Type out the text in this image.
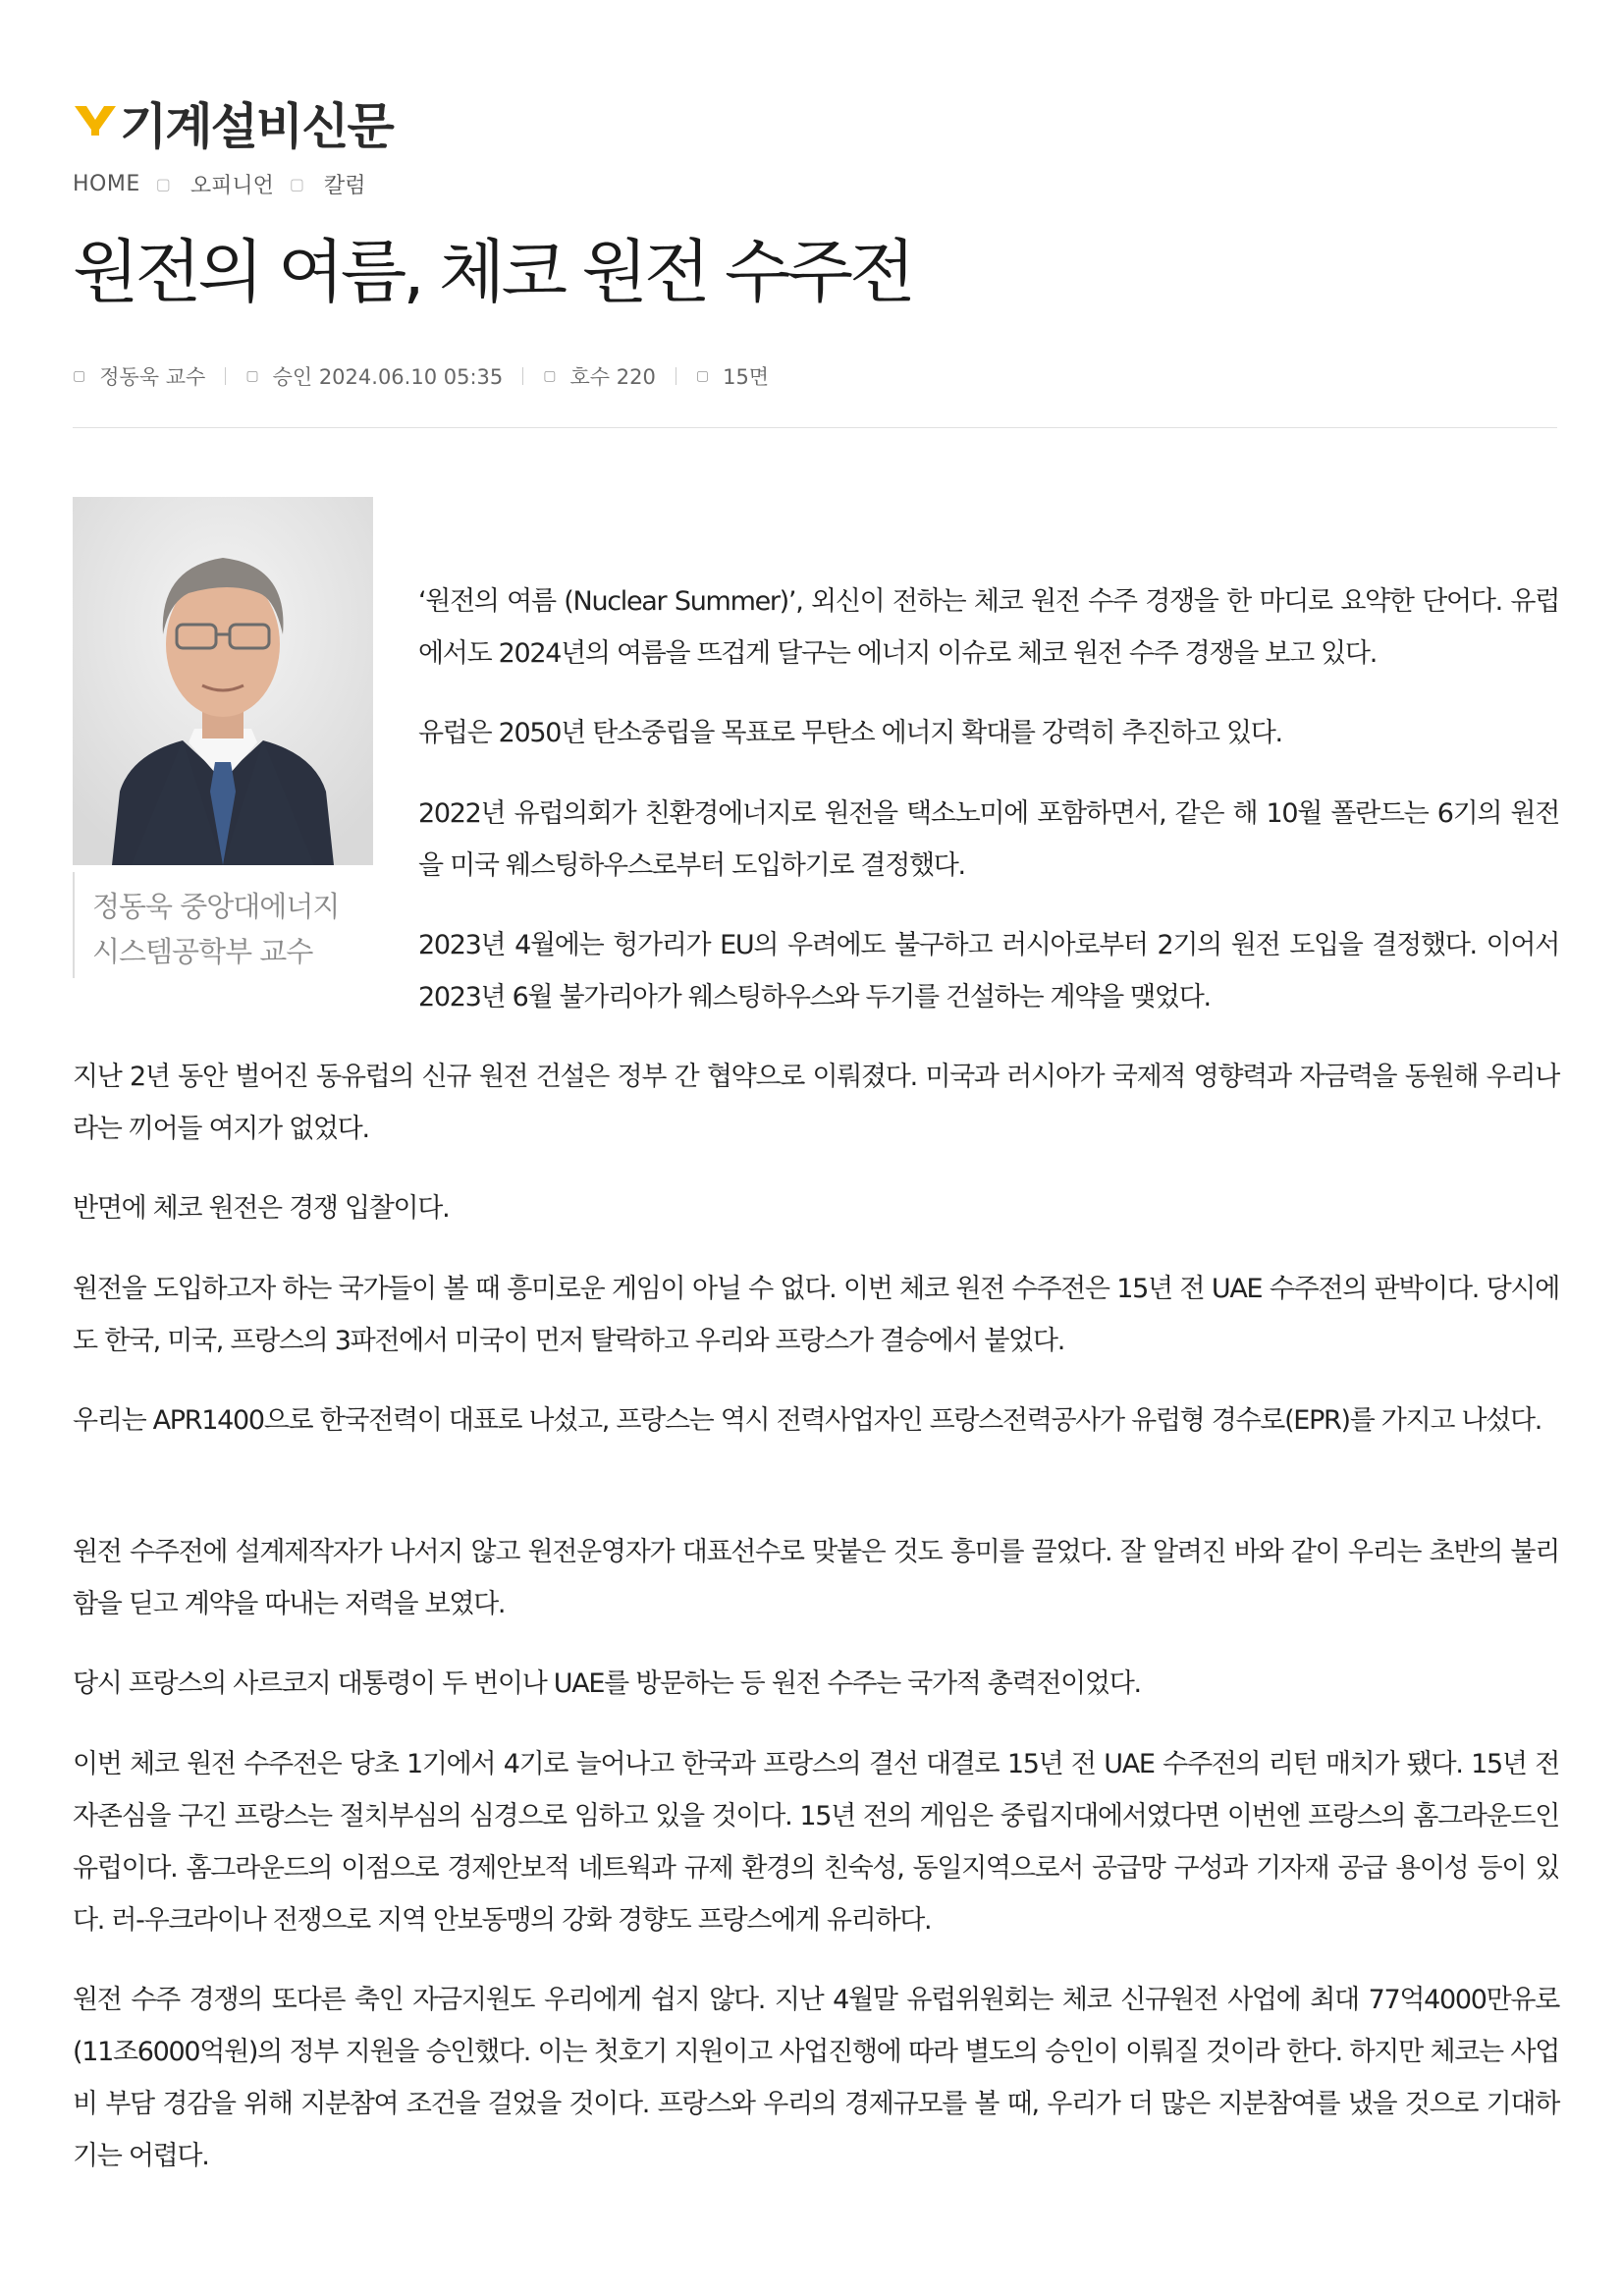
기계설비신문
HOME ▢ 오피니언 ▢ 칼럼
원전의 여름, 체코 원전 수주전
▢ 정동욱 교수	▢ 승인 2024.06.10 05:35	▢ 호수 220	▢ 15면
정동욱 중앙대에너지
시스템공학부 교수

‘원전의 여름 (Nuclear Summer)’, 외신이 전하는 체코 원전 수주 경쟁을 한 마디로 요약한 단어다. 유럽에서도 2024년의 여름을 뜨겁게 달구는 에너지 이슈로 체코 원전 수주 경쟁을 보고 있다.

유럽은 2050년 탄소중립을 목표로 무탄소 에너지 확대를 강력히 추진하고 있다.

2022년 유럽의회가 친환경에너지로 원전을 택소노미에 포함하면서, 같은 해 10월 폴란드는 6기의 원전을 미국 웨스팅하우스로부터 도입하기로 결정했다.

2023년 4월에는 헝가리가 EU의 우려에도 불구하고 러시아로부터 2기의 원전 도입을 결정했다. 이어서 2023년 6월 불가리아가 웨스팅하우스와 두기를 건설하는 계약을 맺었다.

지난 2년 동안 벌어진 동유럽의 신규 원전 건설은 정부 간 협약으로 이뤄졌다. 미국과 러시아가 국제적 영향력과 자금력을 동원해 우리나라는 끼어들 여지가 없었다.

반면에 체코 원전은 경쟁 입찰이다.

원전을 도입하고자 하는 국가들이 볼 때 흥미로운 게임이 아닐 수 없다. 이번 체코 원전 수주전은 15년 전 UAE 수주전의 판박이다. 당시에도 한국, 미국, 프랑스의 3파전에서 미국이 먼저 탈락하고 우리와 프랑스가 결승에서 붙었다.

우리는 APR1400으로 한국전력이 대표로 나섰고, 프랑스는 역시 전력사업자인 프랑스전력공사가 유럽형 경수로(EPR)를 가지고 나섰다.

원전 수주전에 설계제작자가 나서지 않고 원전운영자가 대표선수로 맞붙은 것도 흥미를 끌었다. 잘 알려진 바와 같이 우리는 초반의 불리함을 딛고 계약을 따내는 저력을 보였다.

당시 프랑스의 사르코지 대통령이 두 번이나 UAE를 방문하는 등 원전 수주는 국가적 총력전이었다.

이번 체코 원전 수주전은 당초 1기에서 4기로 늘어나고 한국과 프랑스의 결선 대결로 15년 전 UAE 수주전의 리턴 매치가 됐다. 15년 전 자존심을 구긴 프랑스는 절치부심의 심경으로 임하고 있을 것이다. 15년 전의 게임은 중립지대에서였다면 이번엔 프랑스의 홈그라운드인 유럽이다. 홈그라운드의 이점으로 경제안보적 네트웍과 규제 환경의 친숙성, 동일지역으로서 공급망 구성과 기자재 공급 용이성 등이 있다. 러-우크라이나 전쟁으로 지역 안보동맹의 강화 경향도 프랑스에게 유리하다.

원전 수주 경쟁의 또다른 축인 자금지원도 우리에게 쉽지 않다. 지난 4월말 유럽위원회는 체코 신규원전 사업에 최대 77억4000만유로(11조6000억원)의 정부 지원을 승인했다. 이는 첫호기 지원이고 사업진행에 따라 별도의 승인이 이뤄질 것이라 한다. 하지만 체코는 사업비 부담 경감을 위해 지분참여 조건을 걸었을 것이다. 프랑스와 우리의 경제규모를 볼 때, 우리가 더 많은 지분참여를 냈을 것으로 기대하기는 어렵다.
